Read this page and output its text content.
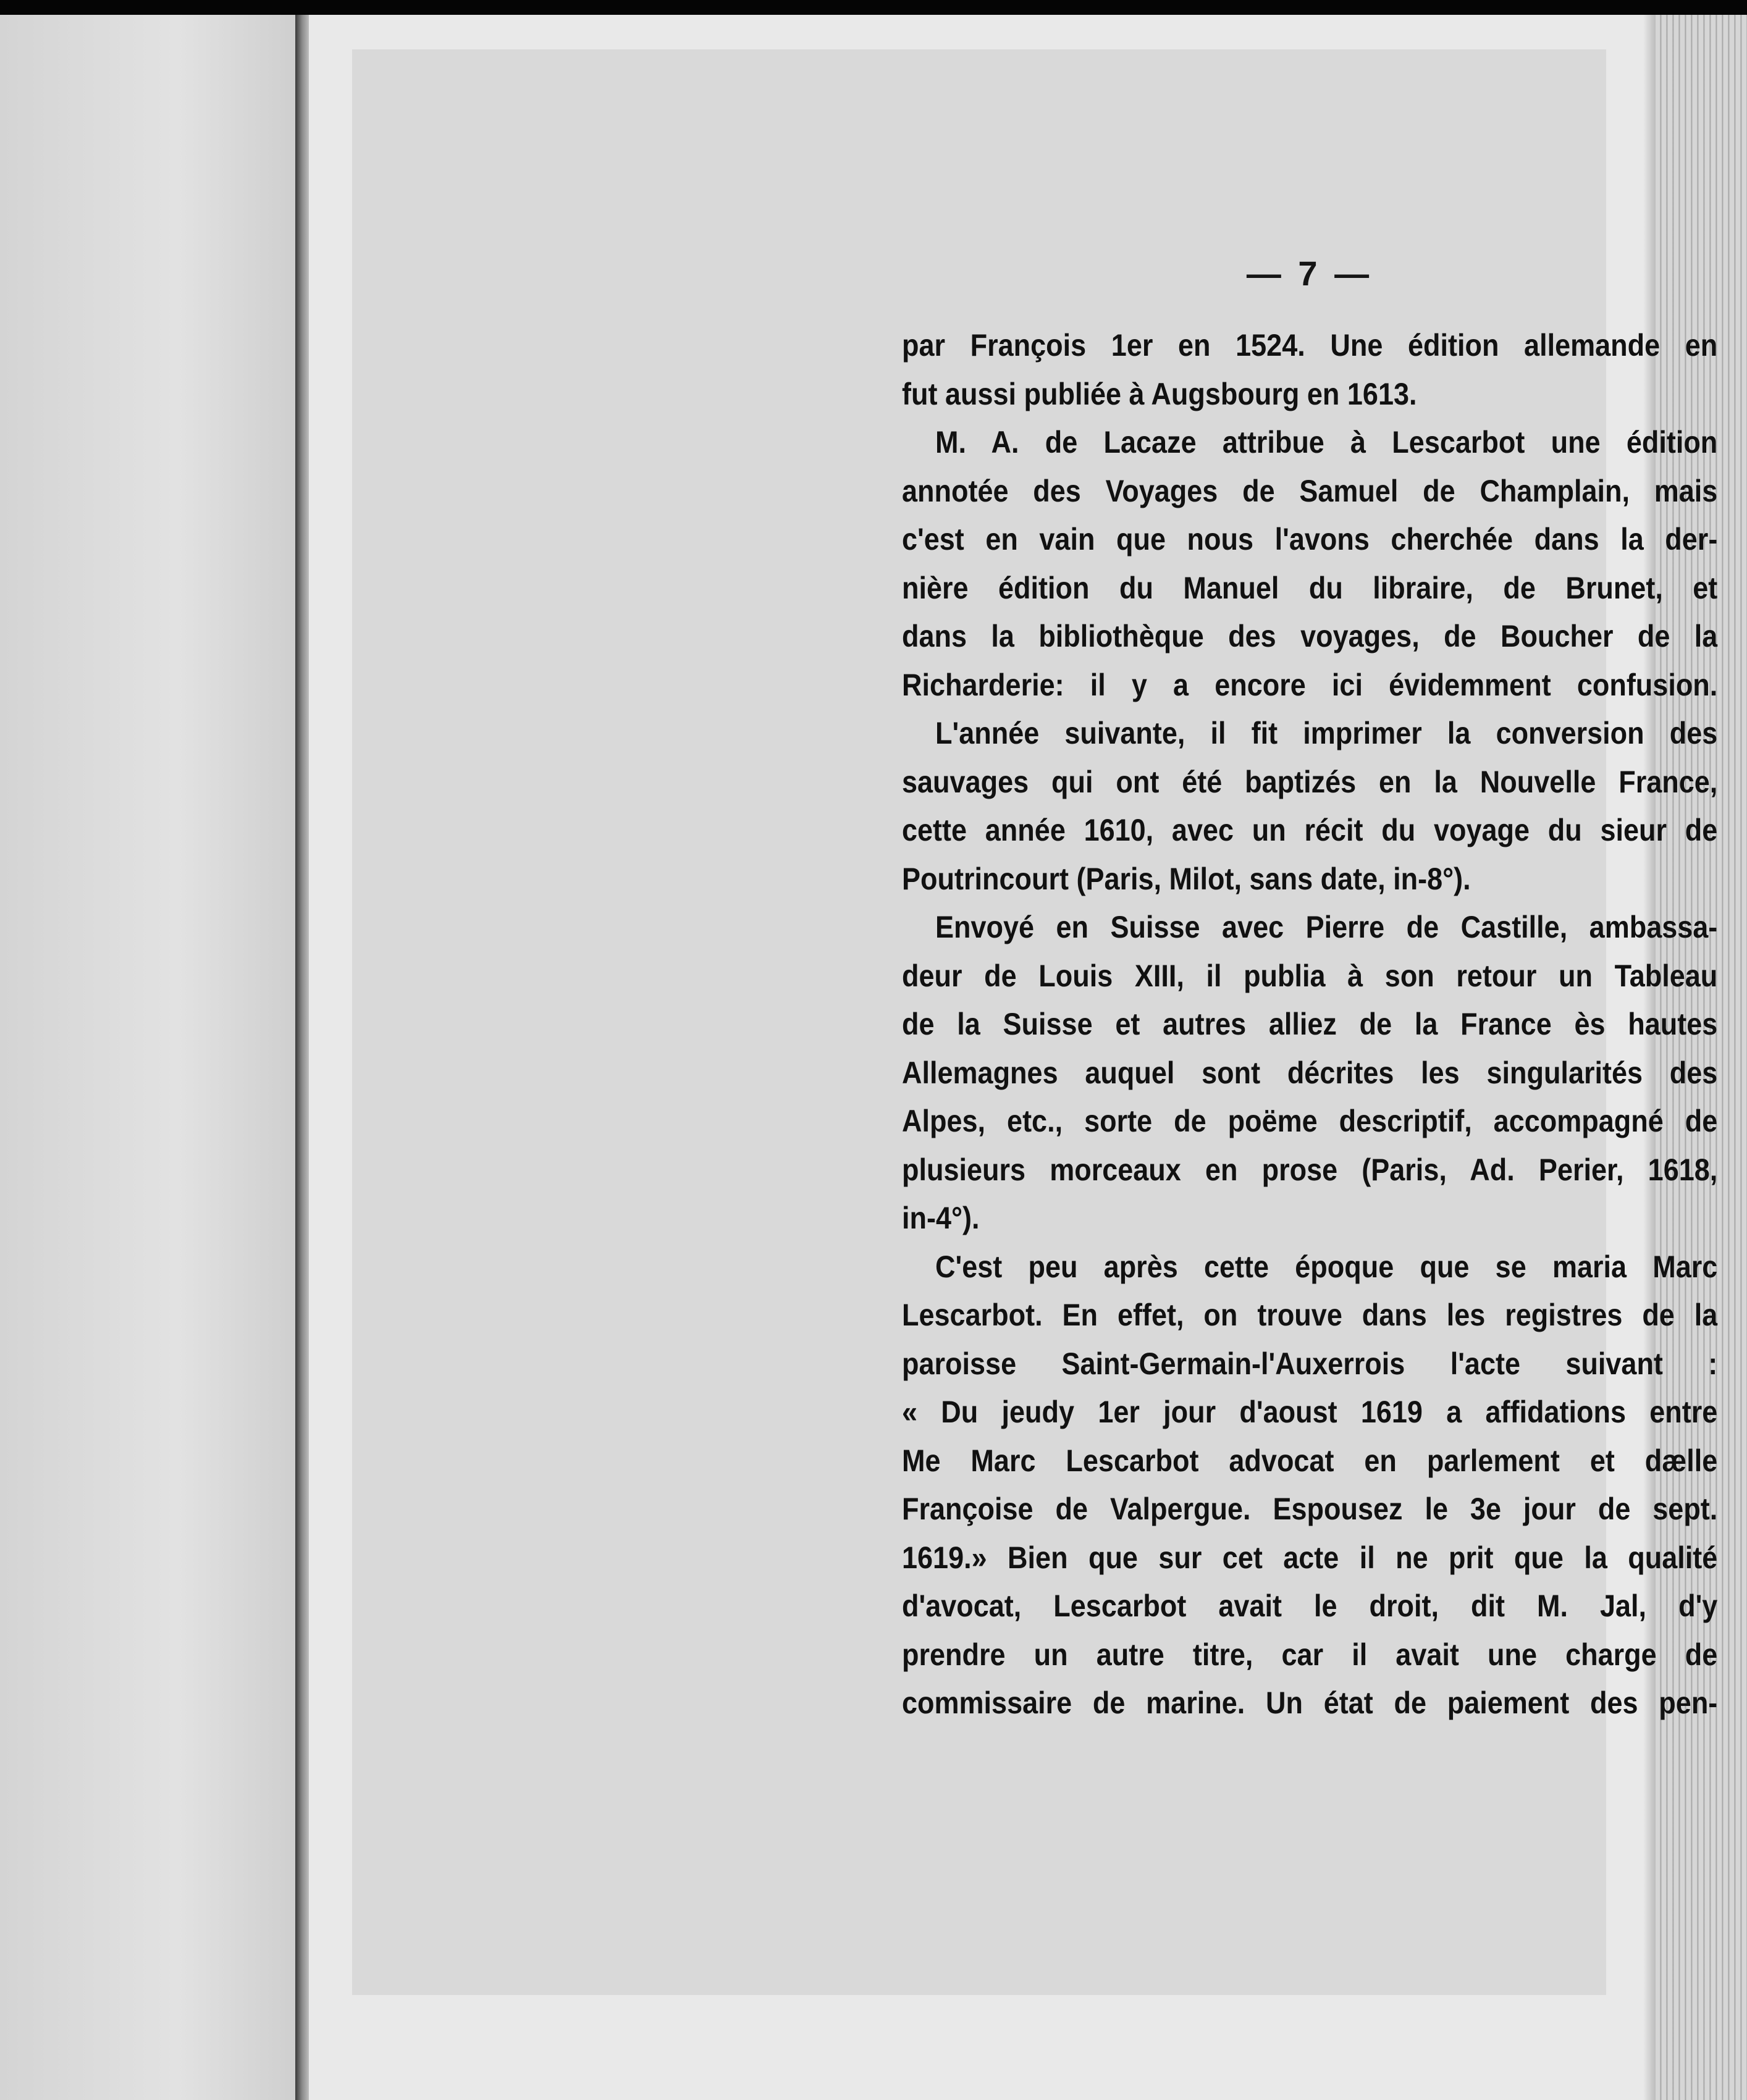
— 7 —
par François 1er en 1524. Une édition allemande en
fut aussi publiée à Augsbourg en 1613.
M. A. de Lacaze attribue à Lescarbot une édition
annotée des Voyages de Samuel de Champlain, mais
c'est en vain que nous l'avons cherchée dans la der-
nière édition du Manuel du libraire, de Brunet, et
dans la bibliothèque des voyages, de Boucher de la
Richarderie: il y a encore ici évidemment confusion.
L'année suivante, il fit imprimer la conversion des
sauvages qui ont été baptizés en la Nouvelle France,
cette année 1610, avec un récit du voyage du sieur de
Poutrincourt (Paris, Milot, sans date, in-8°).
Envoyé en Suisse avec Pierre de Castille, ambassa-
deur de Louis XIII, il publia à son retour un Tableau
de la Suisse et autres alliez de la France ès hautes
Allemagnes auquel sont décrites les singularités des
Alpes, etc., sorte de poëme descriptif, accompagné de
plusieurs morceaux en prose (Paris, Ad. Perier, 1618,
in-4°).
C'est peu après cette époque que se maria Marc
Lescarbot. En effet, on trouve dans les registres de la
paroisse Saint-Germain-l'Auxerrois l'acte suivant :
« Du jeudy 1er jour d'aoust 1619 a affidations entre
Me Marc Lescarbot advocat en parlement et dælle
Françoise de Valpergue. Espousez le 3e jour de sept.
1619.» Bien que sur cet acte il ne prit que la qualité
d'avocat, Lescarbot avait le droit, dit M. Jal, d'y
prendre un autre titre, car il avait une charge de
commissaire de marine. Un état de paiement des pen-
